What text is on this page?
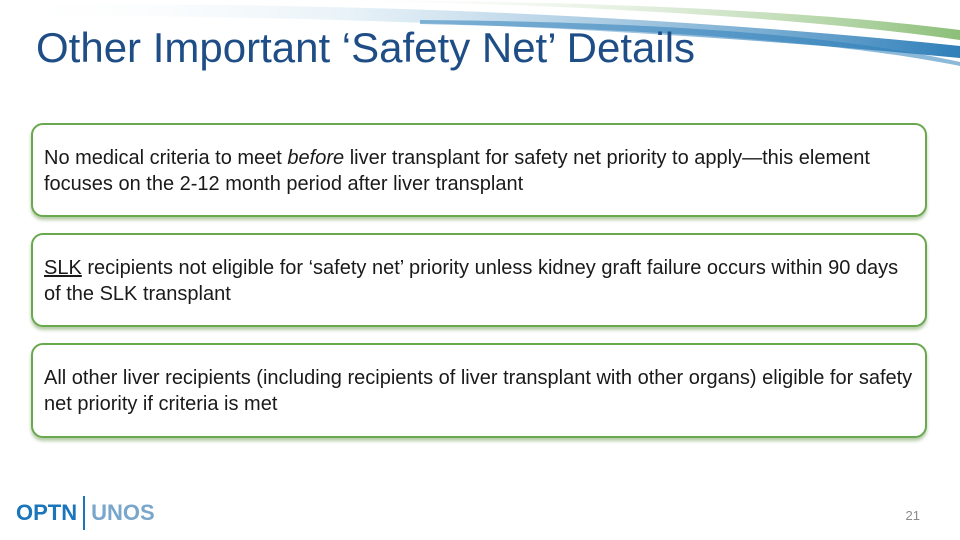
Other Important ‘Safety Net’ Details

No medical criteria to meet before liver transplant for safety net priority to apply—this element focuses on the 2-12 month period after liver transplant

SLK recipients not eligible for ‘safety net’ priority unless kidney graft failure occurs within 90 days of the SLK transplant

All other liver recipients (including recipients of liver transplant with other organs) eligible for safety net priority if criteria is met

OPTN UNOS	21
